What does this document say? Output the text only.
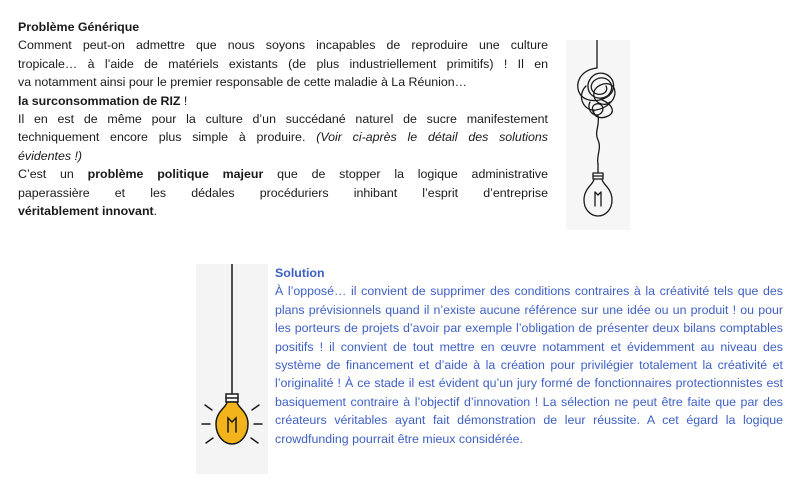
Problème Générique

Comment peut-on admettre que nous soyons incapables de reproduire une culture
tropicale… à l’aide de matériels existants (de plus industriellement primitifs) ! Il en
va notamment ainsi pour le premier responsable de cette maladie à La Réunion…
la surconsommation de RIZ !

Il en est de même pour la culture d’un succédané naturel de sucre manifestement
techniquement encore plus simple à produire. (Voir ci-après le détail des solutions
évidentes !)

C’est un problème politique majeur que de stopper la logique administrative
paperassière et les dédales procéduriers inhibant l’esprit d’entreprise
véritablement innovant.

Solution

À l’opposé… il convient de supprimer des conditions contraires à la créativité tels que des plans prévisionnels quand il n’existe aucune référence sur une idée ou un produit ! ou pour les porteurs de projets d’avoir par exemple l’obligation de présenter deux bilans comptables positifs ! il convient de tout mettre en œuvre notamment et évidemment au niveau des système de financement et d’aide à la création pour privilégier totalement la créativité et l’originalité ! À ce stade il est évident qu’un jury formé de fonctionnaires protectionnistes est basiquement contraire à l’objectif d’innovation ! La sélection ne peut être faite que par des créateurs véritables ayant fait démonstration de leur réussite. A cet égard la logique crowdfunding pourrait être mieux considérée.
